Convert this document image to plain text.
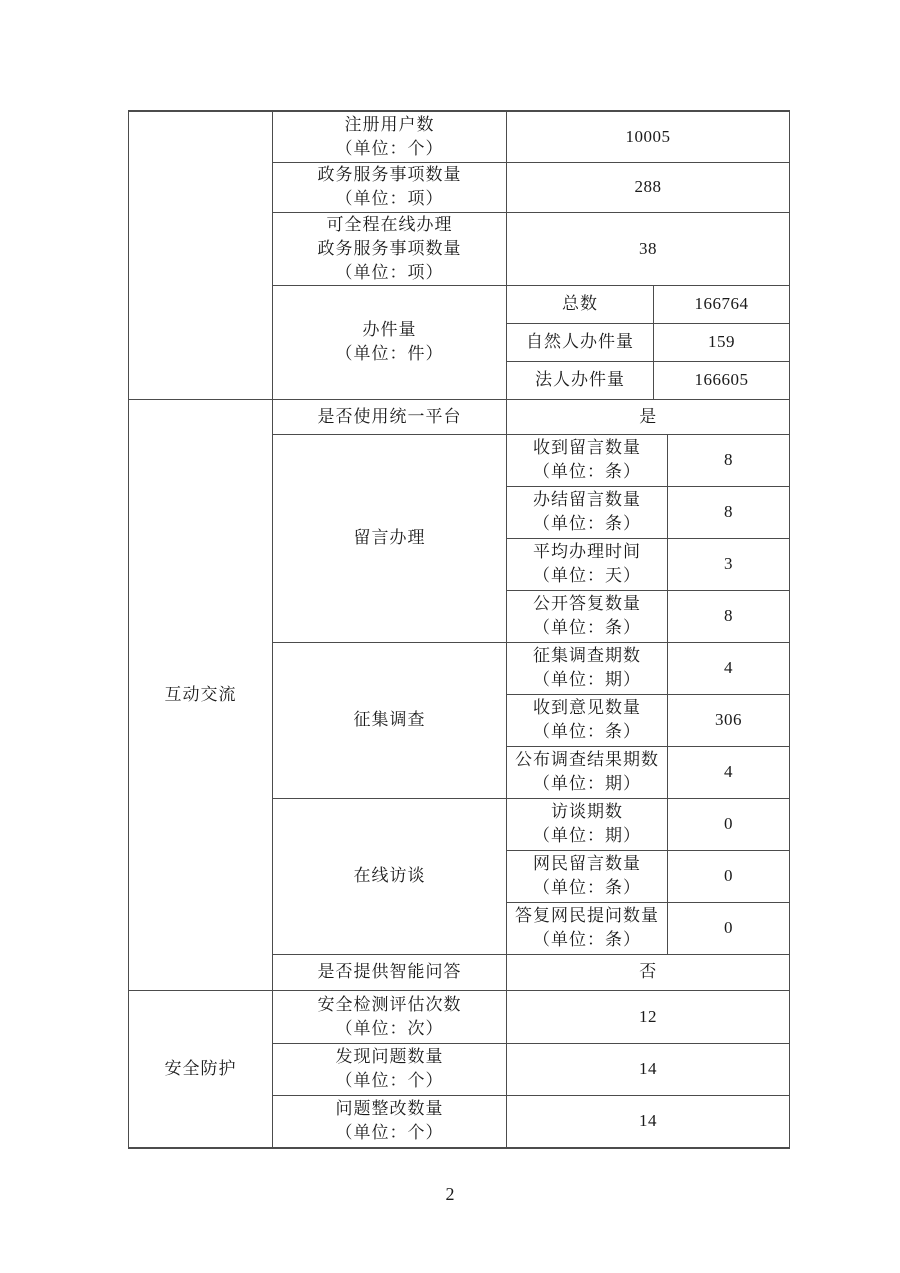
	注册用户数
（单位：个）	10005		

	政务服务事项数量
（单位：项）	288		

	可全程在线办理
政务服务事项数量
（单位：项）	38		

	办件量
（单位：件）	总数	166764	
		自然人办件量	159	
		法人办件量	166605	
互动交流	是否使用统一平台	是		
	留言办理	收到留言数量
（单位：条）		8

		办结留言数量
（单位：条）		8

		平均办理时间
（单位：天）		3

		公开答复数量
（单位：条）		8
	征集调查	征集调查期数
（单位：期）		4

		收到意见数量
（单位：条）		306

		公布调查结果期数
（单位：期）		4
	在线访谈	访谈期数
（单位：期）		0

		网民留言数量
（单位：条）		0

		答复网民提问数量
（单位：条）		0
	是否提供智能问答	否		
安全防护	安全检测评估次数
（单位：次）	12		

	发现问题数量
（单位：个）	14		

	问题整改数量
（单位：个）	14		
2
